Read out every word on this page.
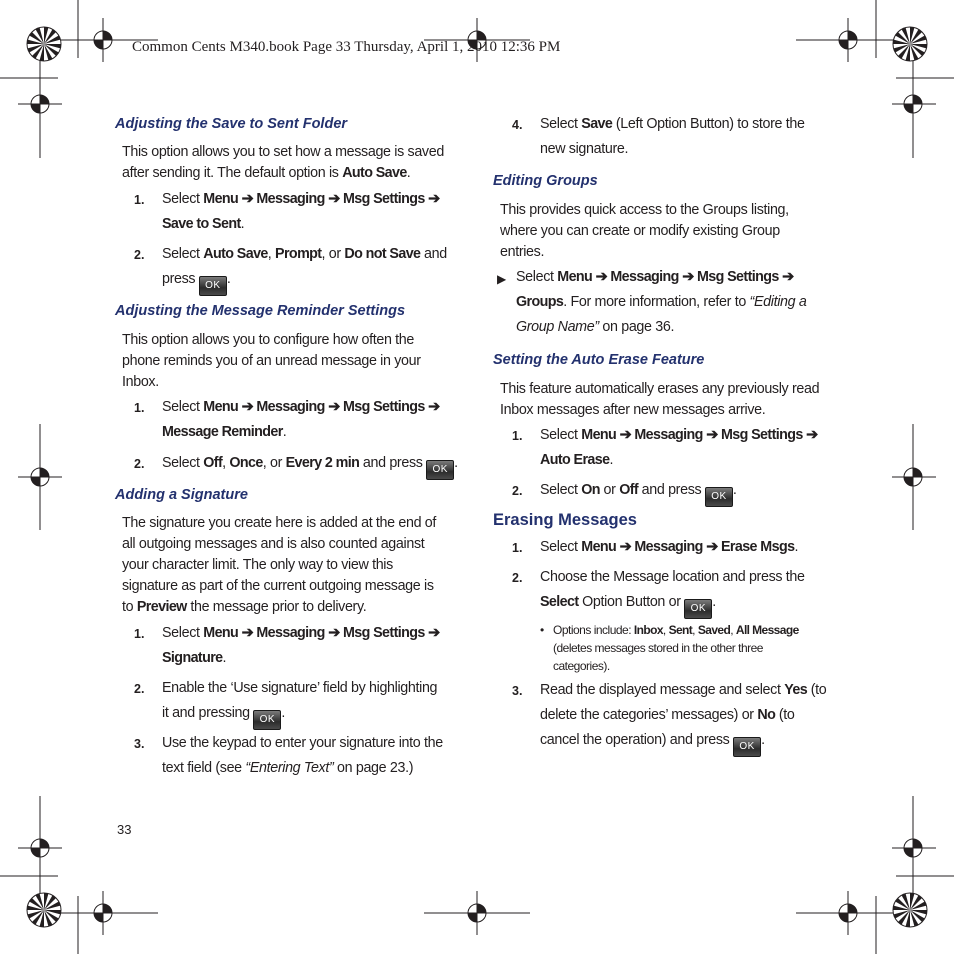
Common Cents M340.book Page 33 Thursday, April 1, 2010 12:36 PM
Adjusting the Save to Sent Folder
This option allows you to set how a message is saved
after sending it. The default option is Auto Save.
1. Select Menu ➔ Messaging ➔ Msg Settings ➔
Save to Sent.
2. Select Auto Save, Prompt, or Do not Save and
press OK .
Adjusting the Message Reminder Settings
This option allows you to configure how often the
phone reminds you of an unread message in your
Inbox.
1. Select Menu ➔ Messaging ➔ Msg Settings ➔
Message Reminder.
2. Select Off, Once, or Every 2 min and press OK .
Adding a Signature
The signature you create here is added at the end of
all outgoing messages and is also counted against
your character limit. The only way to view this
signature as part of the current outgoing message is
to Preview the message prior to delivery.
1. Select Menu ➔ Messaging ➔ Msg Settings ➔
Signature.
2. Enable the ‘Use signature’ field by highlighting
it and pressing OK .
3. Use the keypad to enter your signature into the
text field (see “Entering Text” on page 23.)
33
4. Select Save (Left Option Button) to store the
new signature.
Editing Groups
This provides quick access to the Groups listing,
where you can create or modify existing Group
entries.
▶ Select Menu ➔ Messaging ➔ Msg Settings ➔
Groups. For more information, refer to “Editing a
Group Name” on page 36.
Setting the Auto Erase Feature
This feature automatically erases any previously read
Inbox messages after new messages arrive.
1. Select Menu ➔ Messaging ➔ Msg Settings ➔
Auto Erase.
2. Select On or Off and press OK .
Erasing Messages
1. Select Menu ➔ Messaging ➔ Erase Msgs.
2. Choose the Message location and press the
Select Option Button or OK .
• Options include: Inbox, Sent, Saved, All Message
(deletes messages stored in the other three
categories).
3. Read the displayed message and select Yes (to
delete the categories’ messages) or No (to
cancel the operation) and press OK .
